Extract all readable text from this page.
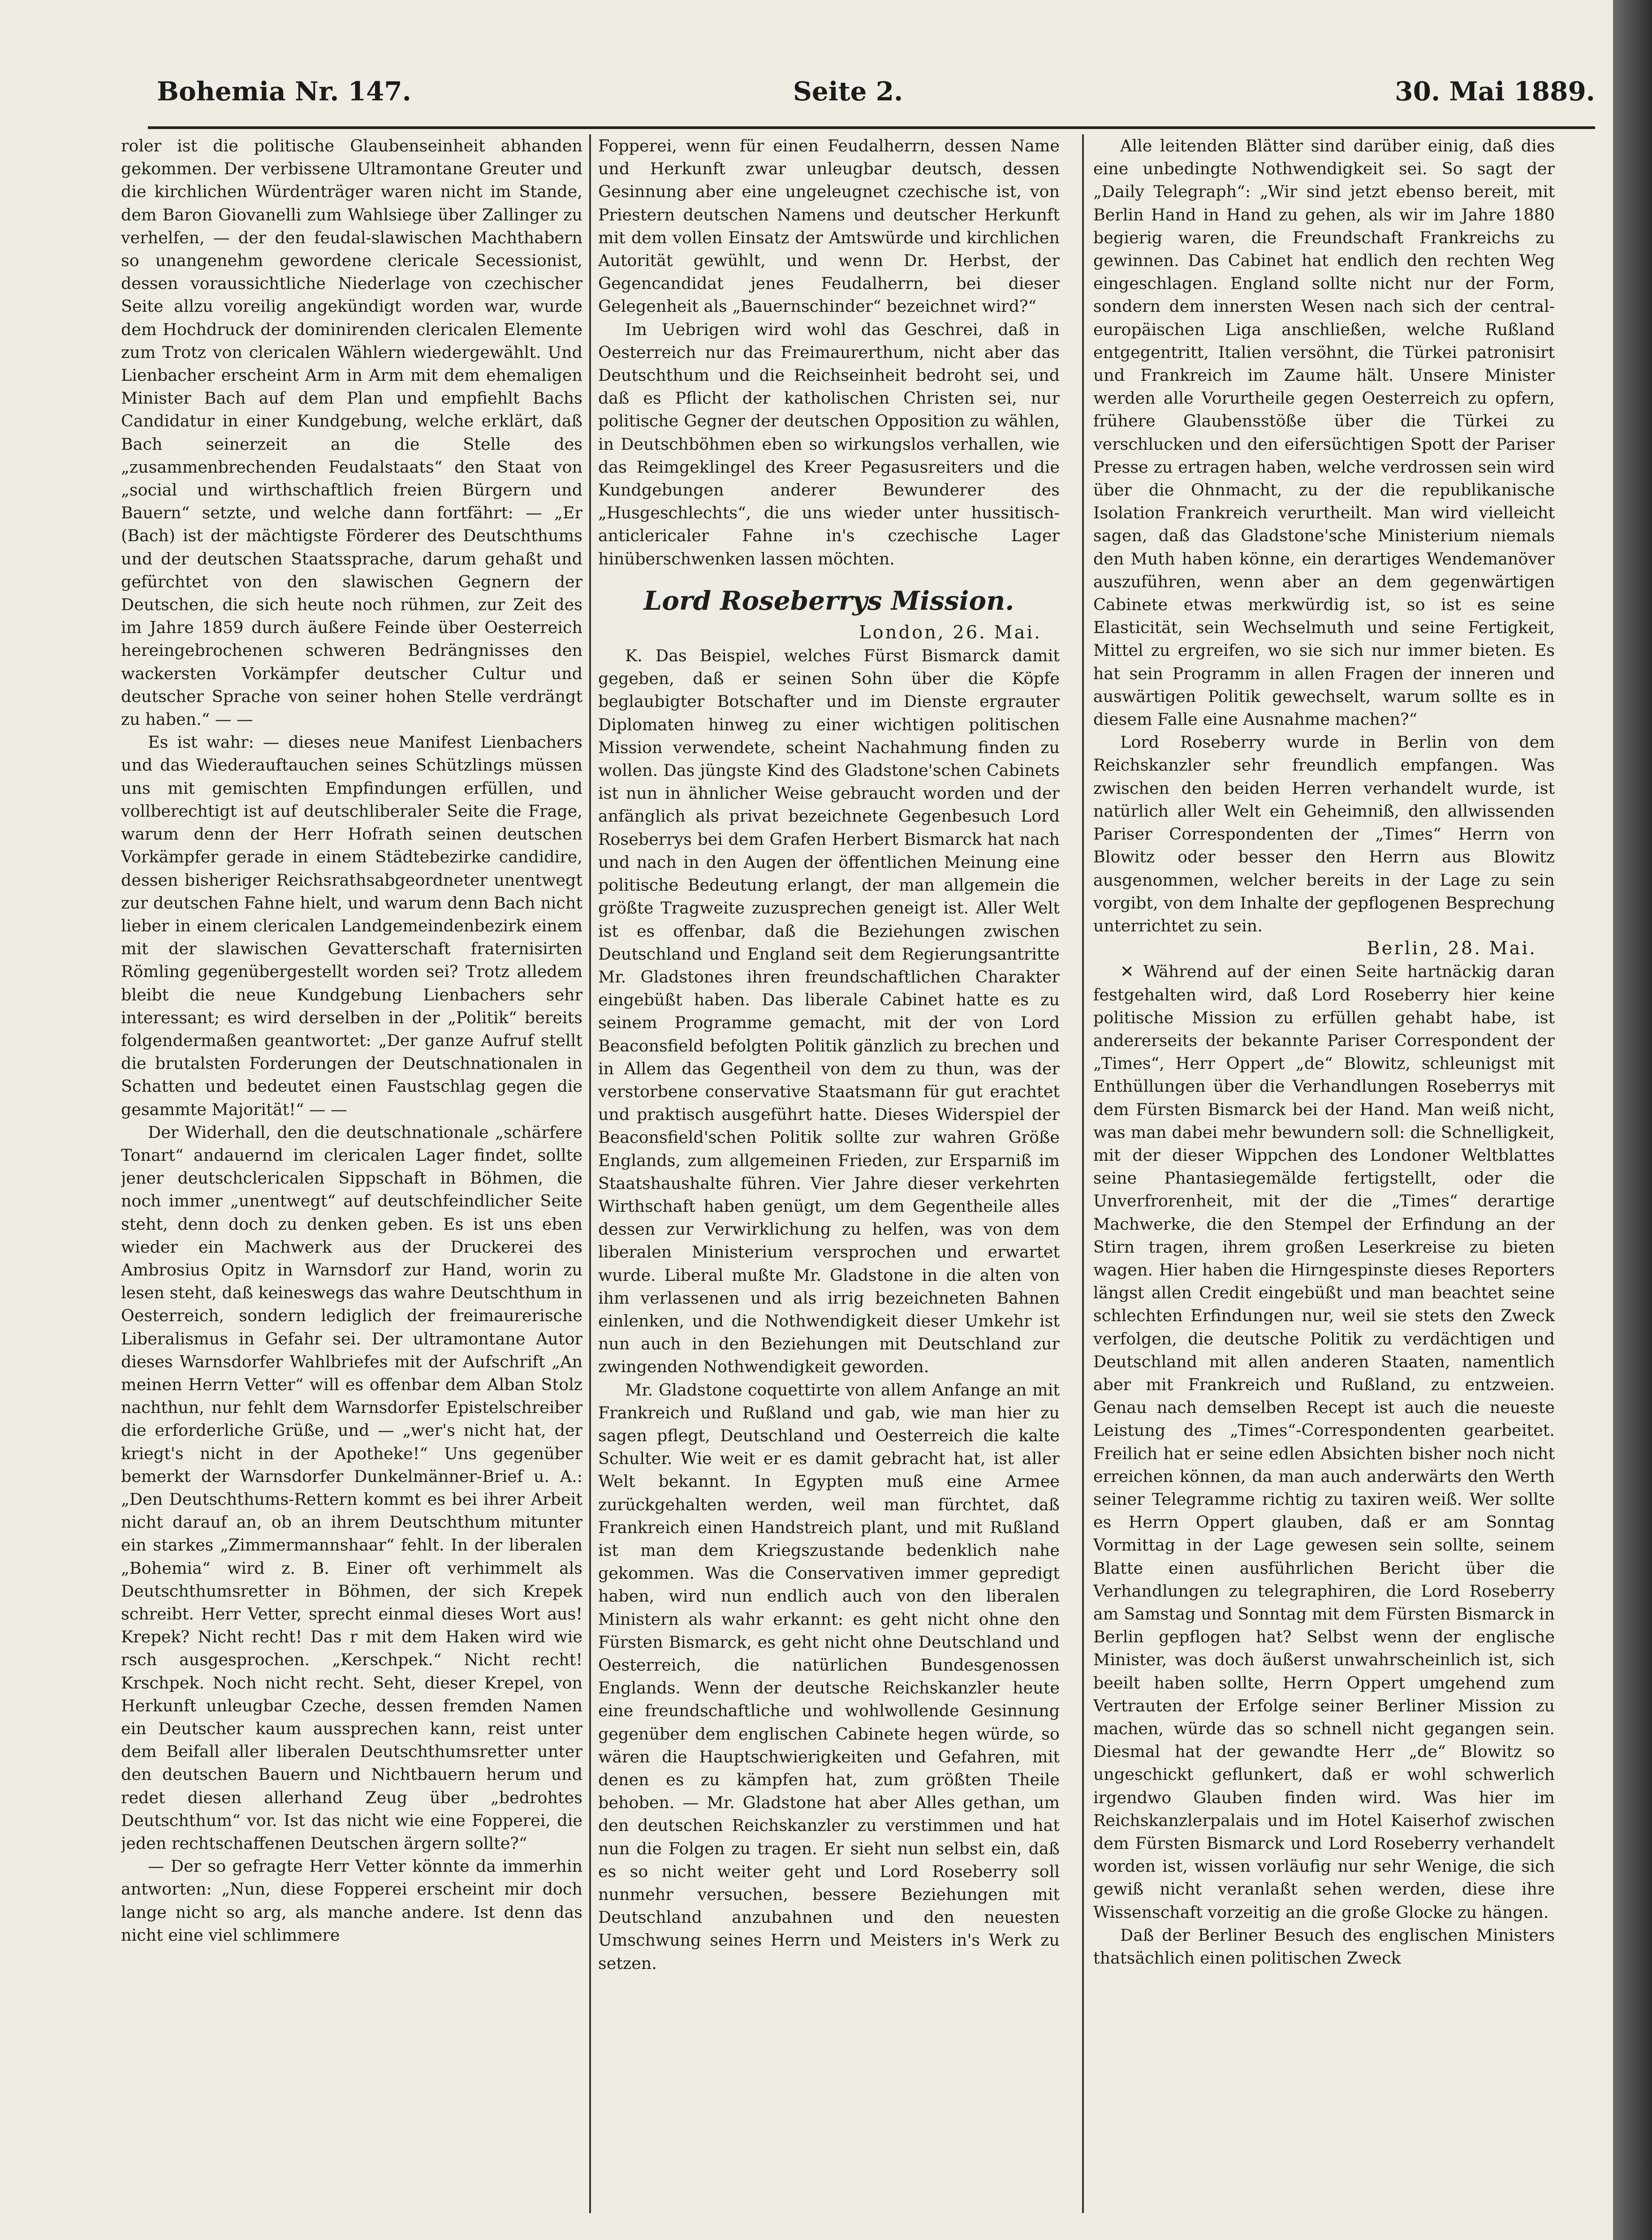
Bohemia Nr. 147.	Seite 2.	30. Mai 1889.

roler ist die politische Glaubenseinheit abhanden gekommen. Der verbissene Ultramontane Greuter und die kirchlichen Würdenträger waren nicht im Stande, dem Baron Giovanelli zum Wahlsiege über Zallinger zu verhelfen, — der den feudal-slawischen Machthabern so unangenehm gewordene clericale Secessionist, dessen voraussichtliche Niederlage von czechischer Seite allzu voreilig angekündigt worden war, wurde dem Hochdruck der dominirenden clericalen Elemente zum Trotz von clericalen Wählern wiedergewählt. Und Lienbacher erscheint Arm in Arm mit dem ehemaligen Minister Bach auf dem Plan und empfiehlt Bachs Candidatur in einer Kundgebung, welche erklärt, daß Bach seinerzeit an die Stelle des „zusammenbrechenden Feudalstaats“ den Staat von „social und wirthschaftlich freien Bürgern und Bauern“ setzte, und welche dann fortfährt: — „Er (Bach) ist der mächtigste Förderer des Deutschthums und der deutschen Staatssprache, darum gehaßt und gefürchtet von den slawischen Gegnern der Deutschen, die sich heute noch rühmen, zur Zeit des im Jahre 1859 durch äußere Feinde über Oesterreich hereingebrochenen schweren Bedrängnisses den wackersten Vorkämpfer deutscher Cultur und deutscher Sprache von seiner hohen Stelle verdrängt zu haben.“ — —

Es ist wahr: — dieses neue Manifest Lienbachers und das Wiederauftauchen seines Schützlings müssen uns mit gemischten Empfindungen erfüllen, und vollberechtigt ist auf deutschliberaler Seite die Frage, warum denn der Herr Hofrath seinen deutschen Vorkämpfer gerade in einem Städtebezirke candidire, dessen bisheriger Reichsrathsabgeordneter unentwegt zur deutschen Fahne hielt, und warum denn Bach nicht lieber in einem clericalen Landgemeindenbezirk einem mit der slawischen Gevatterschaft fraternisirten Römling gegenübergestellt worden sei? Trotz alledem bleibt die neue Kundgebung Lienbachers sehr interessant; es wird derselben in der „Politik“ bereits folgendermaßen geantwortet: „Der ganze Aufruf stellt die brutalsten Forderungen der Deutschnationalen in Schatten und bedeutet einen Faustschlag gegen die gesammte Majorität!“ — —

Der Widerhall, den die deutschnationale „schärfere Tonart“ andauernd im clericalen Lager findet, sollte jener deutschclericalen Sippschaft in Böhmen, die noch immer „unentwegt“ auf deutschfeindlicher Seite steht, denn doch zu denken geben. Es ist uns eben wieder ein Machwerk aus der Druckerei des Ambrosius Opitz in Warnsdorf zur Hand, worin zu lesen steht, daß keineswegs das wahre Deutschthum in Oesterreich, sondern lediglich der freimaurerische Liberalismus in Gefahr sei. Der ultramontane Autor dieses Warnsdorfer Wahlbriefes mit der Aufschrift „An meinen Herrn Vetter“ will es offenbar dem Alban Stolz nachthun, nur fehlt dem Warnsdorfer Epistelschreiber die erforderliche Grüße, und — „wer's nicht hat, der kriegt's nicht in der Apotheke!“ Uns gegenüber bemerkt der Warnsdorfer Dunkelmänner-Brief u. A.: „Den Deutschthums-Rettern kommt es bei ihrer Arbeit nicht darauf an, ob an ihrem Deutschthum mitunter ein starkes „Zimmermannshaar“ fehlt. In der liberalen „Bohemia“ wird z. B. Einer oft verhimmelt als Deutschthumsretter in Böhmen, der sich Krepek schreibt. Herr Vetter, sprecht einmal dieses Wort aus! Krepek? Nicht recht! Das r mit dem Haken wird wie rsch ausgesprochen. „Kerschpek.“ Nicht recht! Krschpek. Noch nicht recht. Seht, dieser Krepel, von Herkunft unleugbar Czeche, dessen fremden Namen ein Deutscher kaum aussprechen kann, reist unter dem Beifall aller liberalen Deutschthumsretter unter den deutschen Bauern und Nichtbauern herum und redet diesen allerhand Zeug über „bedrohtes Deutschthum“ vor. Ist das nicht wie eine Fopperei, die jeden rechtschaffenen Deutschen ärgern sollte?“

— Der so gefragte Herr Vetter könnte da immerhin antworten: „Nun, diese Fopperei erscheint mir doch lange nicht so arg, als manche andere. Ist denn das nicht eine viel schlimmere

Fopperei, wenn für einen Feudalherrn, dessen Name und Herkunft zwar unleugbar deutsch, dessen Gesinnung aber eine ungeleugnet czechische ist, von Priestern deutschen Namens und deutscher Herkunft mit dem vollen Einsatz der Amtswürde und kirchlichen Autorität gewühlt, und wenn Dr. Herbst, der Gegencandidat jenes Feudalherrn, bei dieser Gelegenheit als „Bauernschinder“ bezeichnet wird?“

Im Uebrigen wird wohl das Geschrei, daß in Oesterreich nur das Freimaurerthum, nicht aber das Deutschthum und die Reichseinheit bedroht sei, und daß es Pflicht der katholischen Christen sei, nur politische Gegner der deutschen Opposition zu wählen, in Deutschböhmen eben so wirkungslos verhallen, wie das Reimgeklingel des Kreer Pegasusreiters und die Kundgebungen anderer Bewunderer des „Husgeschlechts“, die uns wieder unter hussitisch-anticlericaler Fahne in's czechische Lager hinüberschwenken lassen möchten.

Lord Roseberrys Mission.
London, 26. Mai.

K. Das Beispiel, welches Fürst Bismarck damit gegeben, daß er seinen Sohn über die Köpfe beglaubigter Botschafter und im Dienste ergrauter Diplomaten hinweg zu einer wichtigen politischen Mission verwendete, scheint Nachahmung finden zu wollen. Das jüngste Kind des Gladstone'schen Cabinets ist nun in ähnlicher Weise gebraucht worden und der anfänglich als privat bezeichnete Gegenbesuch Lord Roseberrys bei dem Grafen Herbert Bismarck hat nach und nach in den Augen der öffentlichen Meinung eine politische Bedeutung erlangt, der man allgemein die größte Tragweite zuzusprechen geneigt ist. Aller Welt ist es offenbar, daß die Beziehungen zwischen Deutschland und England seit dem Regierungsantritte Mr. Gladstones ihren freundschaftlichen Charakter eingebüßt haben. Das liberale Cabinet hatte es zu seinem Programme gemacht, mit der von Lord Beaconsfield befolgten Politik gänzlich zu brechen und in Allem das Gegentheil von dem zu thun, was der verstorbene conservative Staatsmann für gut erachtet und praktisch ausgeführt hatte. Dieses Widerspiel der Beaconsfield'schen Politik sollte zur wahren Größe Englands, zum allgemeinen Frieden, zur Ersparniß im Staatshaushalte führen. Vier Jahre dieser verkehrten Wirthschaft haben genügt, um dem Gegentheile alles dessen zur Verwirklichung zu helfen, was von dem liberalen Ministerium versprochen und erwartet wurde. Liberal mußte Mr. Gladstone in die alten von ihm verlassenen und als irrig bezeichneten Bahnen einlenken, und die Nothwendigkeit dieser Umkehr ist nun auch in den Beziehungen mit Deutschland zur zwingenden Nothwendigkeit geworden.

Mr. Gladstone coquettirte von allem Anfange an mit Frankreich und Rußland und gab, wie man hier zu sagen pflegt, Deutschland und Oesterreich die kalte Schulter. Wie weit er es damit gebracht hat, ist aller Welt bekannt. In Egypten muß eine Armee zurückgehalten werden, weil man fürchtet, daß Frankreich einen Handstreich plant, und mit Rußland ist man dem Kriegszustande bedenklich nahe gekommen. Was die Conservativen immer gepredigt haben, wird nun endlich auch von den liberalen Ministern als wahr erkannt: es geht nicht ohne den Fürsten Bismarck, es geht nicht ohne Deutschland und Oesterreich, die natürlichen Bundesgenossen Englands. Wenn der deutsche Reichskanzler heute eine freundschaftliche und wohlwollende Gesinnung gegenüber dem englischen Cabinete hegen würde, so wären die Hauptschwierigkeiten und Gefahren, mit denen es zu kämpfen hat, zum größten Theile behoben. — Mr. Gladstone hat aber Alles gethan, um den deutschen Reichskanzler zu verstimmen und hat nun die Folgen zu tragen. Er sieht nun selbst ein, daß es so nicht weiter geht und Lord Roseberry soll nunmehr versuchen, bessere Beziehungen mit Deutschland anzubahnen und den neuesten Umschwung seines Herrn und Meisters in's Werk zu setzen.

Alle leitenden Blätter sind darüber einig, daß dies eine unbedingte Nothwendigkeit sei. So sagt der „Daily Telegraph“: „Wir sind jetzt ebenso bereit, mit Berlin Hand in Hand zu gehen, als wir im Jahre 1880 begierig waren, die Freundschaft Frankreichs zu gewinnen. Das Cabinet hat endlich den rechten Weg eingeschlagen. England sollte nicht nur der Form, sondern dem innersten Wesen nach sich der central-europäischen Liga anschließen, welche Rußland entgegentritt, Italien versöhnt, die Türkei patronisirt und Frankreich im Zaume hält. Unsere Minister werden alle Vorurtheile gegen Oesterreich zu opfern, frühere Glaubensstöße über die Türkei zu verschlucken und den eifersüchtigen Spott der Pariser Presse zu ertragen haben, welche verdrossen sein wird über die Ohnmacht, zu der die republikanische Isolation Frankreich verurtheilt. Man wird vielleicht sagen, daß das Gladstone'sche Ministerium niemals den Muth haben könne, ein derartiges Wendemanöver auszuführen, wenn aber an dem gegenwärtigen Cabinete etwas merkwürdig ist, so ist es seine Elasticität, sein Wechselmuth und seine Fertigkeit, Mittel zu ergreifen, wo sie sich nur immer bieten. Es hat sein Programm in allen Fragen der inneren und auswärtigen Politik gewechselt, warum sollte es in diesem Falle eine Ausnahme machen?“

Lord Roseberry wurde in Berlin von dem Reichskanzler sehr freundlich empfangen. Was zwischen den beiden Herren verhandelt wurde, ist natürlich aller Welt ein Geheimniß, den allwissenden Pariser Correspondenten der „Times“ Herrn von Blowitz oder besser den Herrn aus Blowitz ausgenommen, welcher bereits in der Lage zu sein vorgibt, von dem Inhalte der gepflogenen Besprechung unterrichtet zu sein.

Berlin, 28. Mai.

✕ Während auf der einen Seite hartnäckig daran festgehalten wird, daß Lord Roseberry hier keine politische Mission zu erfüllen gehabt habe, ist andererseits der bekannte Pariser Correspondent der „Times“, Herr Oppert „de“ Blowitz, schleunigst mit Enthüllungen über die Verhandlungen Roseberrys mit dem Fürsten Bismarck bei der Hand. Man weiß nicht, was man dabei mehr bewundern soll: die Schnelligkeit, mit der dieser Wippchen des Londoner Weltblattes seine Phantasiegemälde fertigstellt, oder die Unverfrorenheit, mit der die „Times“ derartige Machwerke, die den Stempel der Erfindung an der Stirn tragen, ihrem großen Leserkreise zu bieten wagen. Hier haben die Hirngespinste dieses Reporters längst allen Credit eingebüßt und man beachtet seine schlechten Erfindungen nur, weil sie stets den Zweck verfolgen, die deutsche Politik zu verdächtigen und Deutschland mit allen anderen Staaten, namentlich aber mit Frankreich und Rußland, zu entzweien. Genau nach demselben Recept ist auch die neueste Leistung des „Times“-Correspondenten gearbeitet. Freilich hat er seine edlen Absichten bisher noch nicht erreichen können, da man auch anderwärts den Werth seiner Telegramme richtig zu taxiren weiß. Wer sollte es Herrn Oppert glauben, daß er am Sonntag Vormittag in der Lage gewesen sein sollte, seinem Blatte einen ausführlichen Bericht über die Verhandlungen zu telegraphiren, die Lord Roseberry am Samstag und Sonntag mit dem Fürsten Bismarck in Berlin gepflogen hat? Selbst wenn der englische Minister, was doch äußerst unwahrscheinlich ist, sich beeilt haben sollte, Herrn Oppert umgehend zum Vertrauten der Erfolge seiner Berliner Mission zu machen, würde das so schnell nicht gegangen sein. Diesmal hat der gewandte Herr „de“ Blowitz so ungeschickt geflunkert, daß er wohl schwerlich irgendwo Glauben finden wird. Was hier im Reichskanzlerpalais und im Hotel Kaiserhof zwischen dem Fürsten Bismarck und Lord Roseberry verhandelt worden ist, wissen vorläufig nur sehr Wenige, die sich gewiß nicht veranlaßt sehen werden, diese ihre Wissenschaft vorzeitig an die große Glocke zu hängen.

Daß der Berliner Besuch des englischen Ministers thatsächlich einen politischen Zweck
